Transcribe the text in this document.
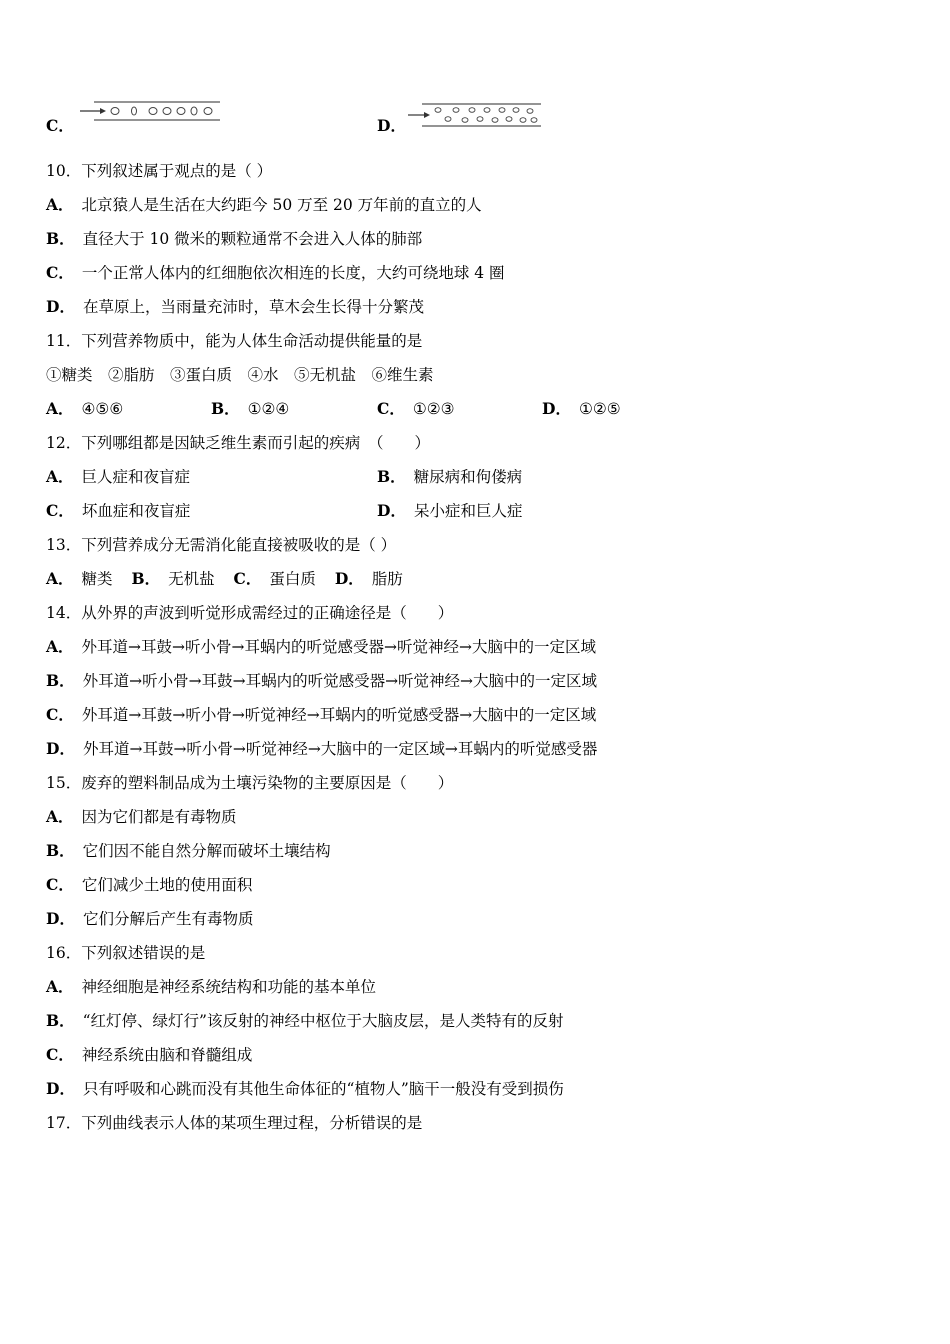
C．	D．
10．下列叙述属于观点的是（ ）
A． 北京猿人是生活在大约距今 50 万至 20 万年前的直立的人
B． 直径大于 10 微米的颗粒通常不会进入人体的肺部
C． 一个正常人体内的红细胞依次相连的长度，大约可绕地球 4 圈
D． 在草原上，当雨量充沛时，草木会生长得十分繁茂
11．下列营养物质中，能为人体生命活动提供能量的是
①糖类　②脂肪　③蛋白质　④水　⑤无机盐　⑥维生素
A． ④⑤⑥	B． ①②④	C． ①②③	D． ①②⑤
12．下列哪组都是因缺乏维生素而引起的疾病　（　　）
A． 巨人症和夜盲症	B． 糖尿病和佝偻病
C． 坏血症和夜盲症	D． 呆小症和巨人症
13．下列营养成分无需消化能直接被吸收的是（ ）
A． 糖类 B． 无机盐 C． 蛋白质 D． 脂肪
14．从外界的声波到听觉形成需经过的正确途径是（　　）
A． 外耳道→耳鼓→听小骨→耳蜗内的听觉感受器→听觉神经→大脑中的一定区域
B． 外耳道→听小骨→耳鼓→耳蜗内的听觉感受器→听觉神经→大脑中的一定区域
C． 外耳道→耳鼓→听小骨→听觉神经→耳蜗内的听觉感受器→大脑中的一定区域
D． 外耳道→耳鼓→听小骨→听觉神经→大脑中的一定区域→耳蜗内的听觉感受器
15．废弃的塑料制品成为土壤污染物的主要原因是（　　）
A． 因为它们都是有毒物质
B． 它们因不能自然分解而破坏土壤结构
C． 它们减少土地的使用面积
D． 它们分解后产生有毒物质
16．下列叙述错误的是
A． 神经细胞是神经系统结构和功能的基本单位
B． “红灯停、绿灯行”该反射的神经中枢位于大脑皮层，是人类特有的反射
C． 神经系统由脑和脊髓组成
D． 只有呼吸和心跳而没有其他生命体征的“植物人”脑干一般没有受到损伤
17．下列曲线表示人体的某项生理过程，分析错误的是
